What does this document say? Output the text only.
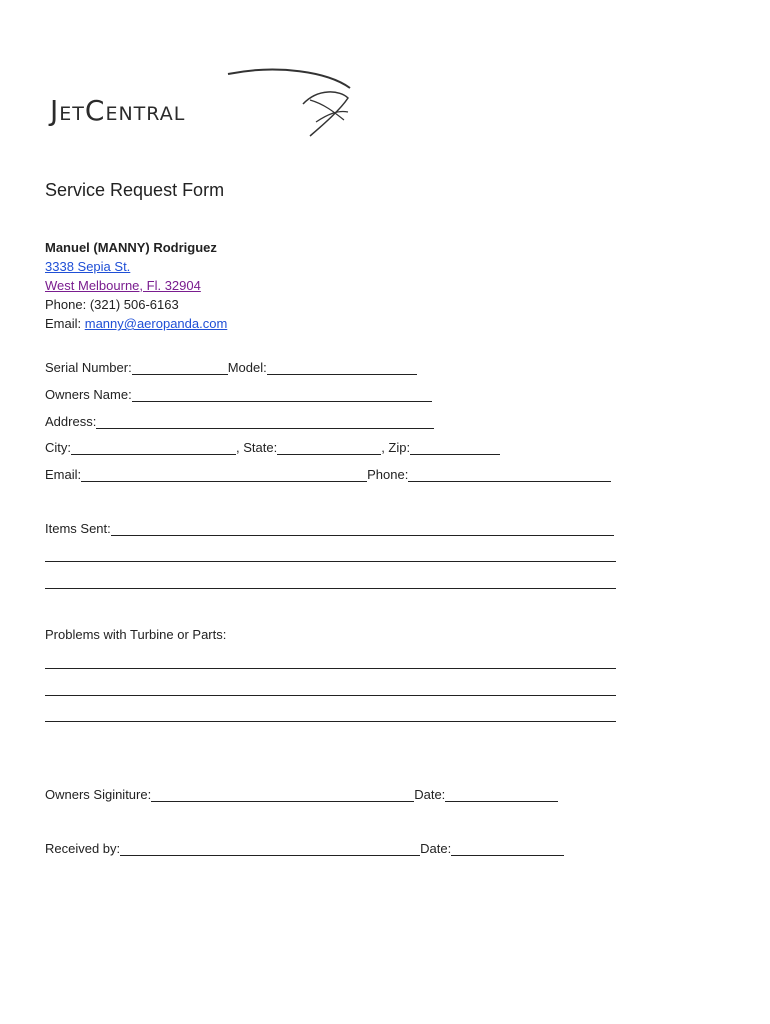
JETCENTRAL
Service Request Form
Manuel (MANNY) Rodriguez
3338 Sepia St.
West Melbourne, Fl. 32904
Phone: (321) 506-6163
Email: manny@aeropanda.com
Serial Number:	Model:
Owners Name:
Address:
City:	, State:	, Zip:
Email:	Phone:
Items Sent:
Problems with Turbine or Parts:
Owners Siginiture:	Date:
Received by:	Date:
